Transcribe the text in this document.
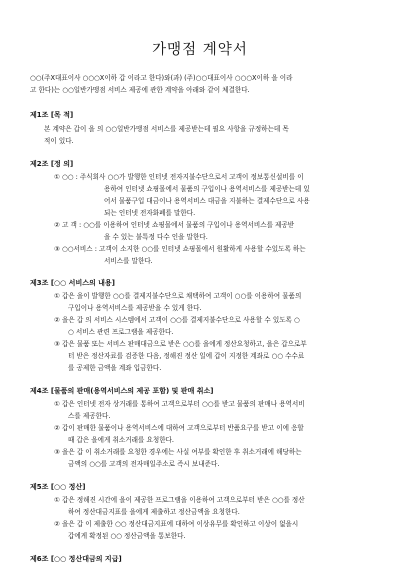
가맹점 계약서
○○(주X대표이사 ○○○X이하 갑 이라고 한다)와(과) (주)○○대표이사 ○○○X이하 을 이라
고 한다)는 ○○일반가맹점 서비스 제공에 관한 계약을 아래와 같이 체결한다.
제1조 [목 적]
본 계약은 갑이 을 의 ○○일반가맹점 서비스를 제공받는데 필요 사항을 규정하는데 목
적이 있다.
제2조 [정 의]
① ○○ : 주식회사 ○○가 발행한 인터넷 전자지불수단으로서 고객이 정보통신설비를 이
용하여 인터넷 쇼핑몰에서 물품의 구입이나 용역서비스를 제공받는데 있
어서 물품구입 대금이나 용역서비스 대금을 지불하는 결제수단으로 사용
되는 인터넷 전자화폐를 말한다.
② 고 객 : ○○를 이용하여 인터넷 쇼핑몰에서 물품의 구입이나 용역서비스를 제공받
을 수 있는 불특정 다수 인을 말한다.
③ ○○서비스 : 고객이 소지한 ○○를 인터넷 쇼핑몰에서 원활하게 사용할 수있도록 하는
서비스를 말한다.
제3조 [○○ 서비스의 내용]
① 갑은 을이 발행한 ○○를 결제지불수단으로 채택하여 고객이 ○○를 이용하여 물품의
구입이나 용역서비스를 제공받을 수 있게 한다.
② 을은 갑 의 서비스 시스템에서 고객이 ○○를 결제지불수단으로 사용할 수 있도록 ○
○ 서비스 관련 프로그램을 제공한다.
③ 갑은 물품 또는 서비스 판매대금으로 받은 ○○를 을에게 정산요청하고, 을은 갑으로부
터 받은 정산자료를 검증한 다음, 정해진 정산 일에 갑이 지정한 계좌로 ○○ 수수료
를 공제한 금액을 계좌 입금한다.
제4조 [물품의 판매(용역서비스의 제공 포함) 및 판매 취소]
① 갑은 인터넷 전자 상거래를 통하여 고객으로부터 ○○를 받고 물품의 판매나 용역서비
스를 제공한다.
② 갑이 판매한 물품이나 용역서비스에 대하여 고객으로부터 반품요구를 받고 이에 응할
때 갑은 을에게 취소거래를 요청한다.
③ 을은 갑 이 취소거래를 요청한 경우에는 사실 여부를 확인한 후 취소거래에 해당하는
금액의 ○○를 고객의 전자매일주소로 즉시 보내준다.
제5조 [○○ 정산]
① 갑은 정해진 시간에 을이 제공한 프로그램을 이용하여 고객으로부터 받은 ○○를 정산
하여 정산대금지표를 을에게 제출하고 정산금액을 요청한다.
② 을은 갑 이 제출한 ○○ 정산대금지표에 대하여 이상유무를 확인하고 이상이 없을시
갑에게 확정된 ○○ 정산금액을 통보한다.
제6조 [○○ 정산대금의 지급]
